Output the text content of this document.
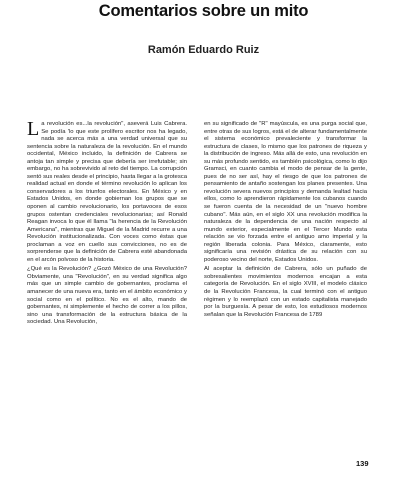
Comentarios sobre un mito
Ramón Eduardo Ruiz

La revolución es...la revolución", aseverá Luis Cabrera. Se podía 'lo que este prolífero escritor nos ha legado, nada se acerca más a una verdad universal que su sentencia sobre la naturaleza de la revolución. En el mundo occidental, México incluido, la definición de Cabrera se antoja tan simple y precisa que debería ser irrefutable; sin embargo, no ha sobrevivido al reto del tiempo. La corrupción sentó sus reales desde el principio, hasta llegar a la grotesca realidad actual en donde el término revolución lo aplican los conservadores a los triunfos electorales. En México y en Estados Unidos, en donde gobiernan los grupos que se oponen al cambio revolucionario, los portavoces de esos grupos ostentan credenciales revolucionarias; así Ronald Reagan invoca lo que él llama "la herencia de la Revolución Americana", mientras que Miguel de la Madrid recurre a una Revolución institucionalizada. Con voces como éstas que proclaman a voz en cuello sus convicciones, no es de sorprenderse que la definición de Cabrera esté abandonada en el arcón polvoso de la historia.

¿Qué es la Revolución? ¿Gozó México de una Revolución? Obviamente, una "Revolución", en su verdad significa algo más que un simple cambio de gobernantes, proclama el amanecer de una nueva era, tanto en el ámbito económico y social como en el político. No es el alto, mando de gobernantes, ni simplemente el hecho de correr a los pillos, sino una transformación de la estructura básica de la sociedad. Una Revolución,

en su significado de "R" mayúscula, es una purga social que, entre otras de sus logros, está el de alterar fundamentalmente el sistema económico prevaleciente y transformar la estructura de clases, lo mismo que los patrones de riqueza y la distribución de ingreso. Más allá de esto, una revolución en su más profundo sentido, es también psicológica, como lo dijo Gramsci, en cuanto cambia el modo de pensar de la gente, pues de no ser así, hay el riesgo de que los patrones de pensamiento de antaño sostengan los planes presentes. Una revolución severa nuevos principios y demanda lealtad hacia ellos, como lo aprendieron rápidamente los cubanos cuando se fueron cuenta de la necesidad de un "nuevo hombre cubano". Más aún, en el siglo XX una revolución modifica la naturaleza de la dependencia de una nación respecto al mundo exterior, especialmente en el Tercer Mundo esta relación se vio forzada entre el antiguo amo imperial y la región liberada colonia. Para México, claramente, esto significaría una revisión drástica de su relación con su poderoso vecino del norte, Estados Unidos.

Al aceptar la definición de Cabrera, sólo un puñado de sobresalientes movimientos modernos encajan a esta categoría de Revolución. En el siglo XVIII, el modelo clásico de la Revolución Francesa, la cual terminó con el antiguo régimen y lo reemplazó con un estado capitalista manejado por la burguesía. A pesar de esto, los estudiosos modernos señalan que la Revolución Francesa de 1789

139
